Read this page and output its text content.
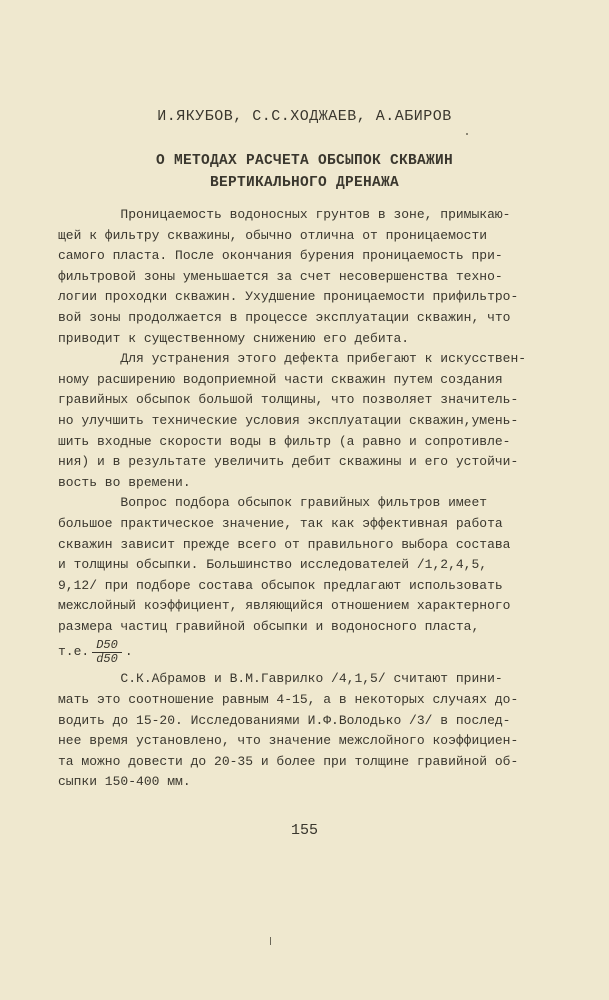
И.ЯКУБОВ, С.С.ХОДЖАЕВ, А.АБИРОВ
О МЕТОДАХ РАСЧЕТА ОБСЫПОК СКВАЖИН
ВЕРТИКАЛЬНОГО ДРЕНАЖА
Проницаемость водоносных грунтов в зоне, примыкаю-
щей к фильтру скважины, обычно отлична от проницаемости
самого пласта. После окончания бурения проницаемость при-
фильтровой зоны уменьшается за счет несовершенства техно-
логии проходки скважин. Ухудшение проницаемости прифильтро-
вой зоны продолжается в процессе эксплуатации скважин, что
приводит к существенному снижению его дебита.
Для устранения этого дефекта прибегают к искусствен-
ному расширению водоприемной части скважин путем создания
гравийных обсыпок большой толщины, что позволяет значитель-
но улучшить технические условия эксплуатации скважин,умень-
шить входные скорости воды в фильтр (а равно и сопротивле-
ния) и в результате увеличить дебит скважины и его устойчи-
вость во времени.
Вопрос подбора обсыпок гравийных фильтров имеет
большое практическое значение, так как эффективная работа
скважин зависит прежде всего от правильного выбора состава
и толщины обсыпки. Большинство исследователей /1,2,4,5,
9,12/ при подборе состава обсыпок предлагают использовать
межслойный коэффициент, являющийся отношением характерного
размера частиц гравийной обсыпки и водоносного пласта,
т.е. $\frac{D50}{d50}$ .
С.К.Абрамов и В.М.Гаврилко /4,1,5/ считают прини-
мать это соотношение равным 4-15, а в некоторых случаях до-
водить до 15-20. Исследованиями И.Ф.Володько /3/ в послед-
нее время установлено, что значение межслойного коэффициен-
та можно довести до 20-35 и более при толщине гравийной об-
сыпки 150-400 мм.
155
